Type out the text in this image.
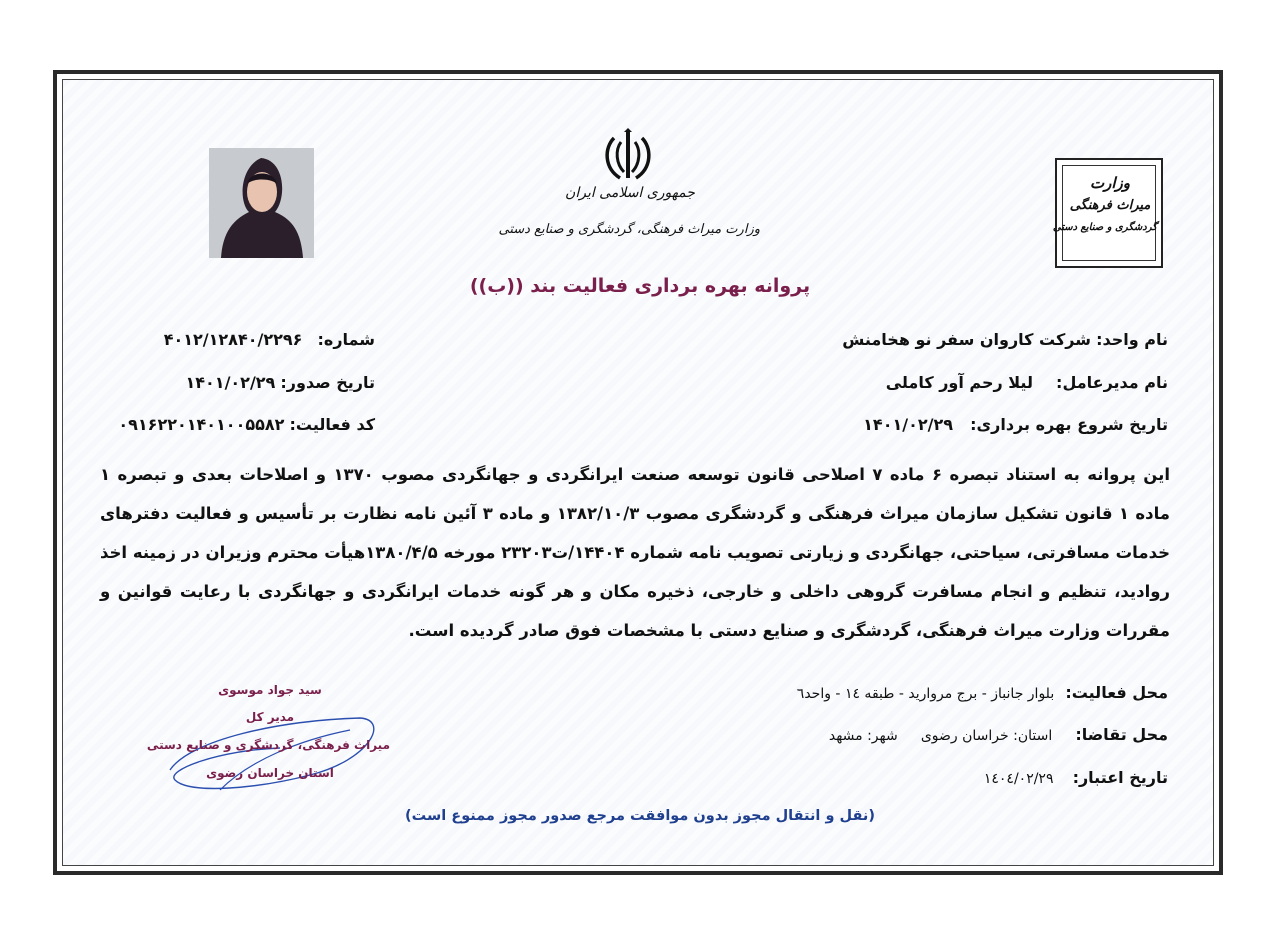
جمهوری اسلامی ایران
وزارت میراث فرهنگی، گردشگری و صنایع دستی
وزارت
میراث فرهنگی
گردشگری و صنایع دستی
پروانه بهره برداری فعالیت بند ((ب))
نام واحد: شرکت کاروان سفر نو هخامنش
نام مدیرعامل: لیلا رحم آور کاملی
تاریخ شروع بهره برداری: ۱۴۰۱/۰۲/۲۹
شماره: ۴۰۱۲/۱۲۸۴۰/۲۲۹۶
تاریخ صدور: ۱۴۰۱/۰۲/۲۹
کد فعالیت: ۰۹۱۶۲۲۰۱۴۰۱۰۰۵۵۸۲
این پروانه به استناد تبصره ۶ ماده ۷ اصلاحی قانون توسعه صنعت ایرانگردی و جهانگردی مصوب ۱۳۷۰ و اصلاحات بعدی و تبصره ۱ ماده ۱ قانون تشکیل سازمان میراث فرهنگی و گردشگری مصوب ۱۳۸۲/۱۰/۳ و ماده ۳ آئین نامه نظارت بر تأسیس و فعالیت دفترهای خدمات مسافرتی، سیاحتی، جهانگردی و زیارتی تصویب نامه شماره ۱۴۴۰۴/ت۲۳۲۰۳ مورخه ۱۳۸۰/۴/۵هیأت محترم وزیران در زمینه اخذ روادید، تنظیم و انجام مسافرت گروهی داخلی و خارجی، ذخیره مکان و هر گونه خدمات ایرانگردی و جهانگردی با رعایت قوانین و مقررات وزارت میراث فرهنگی، گردشگری و صنایع دستی با مشخصات فوق صادر گردیده است.
محل فعالیت: بلوار جانباز - برج مروارید - طبقه ١٤ - واحد٦
محل تقاضا: استان: خراسان رضوی شهر: مشهد
تاریخ اعتبار: ١٤٠٤/٠٢/٢٩
سید جواد موسوی
مدیر کل
میراث فرهنگی، گردشگری و صنایع دستی
استان خراسان رضوی
(نقل و انتقال مجوز بدون موافقت مرجع صدور مجوز ممنوع است)
